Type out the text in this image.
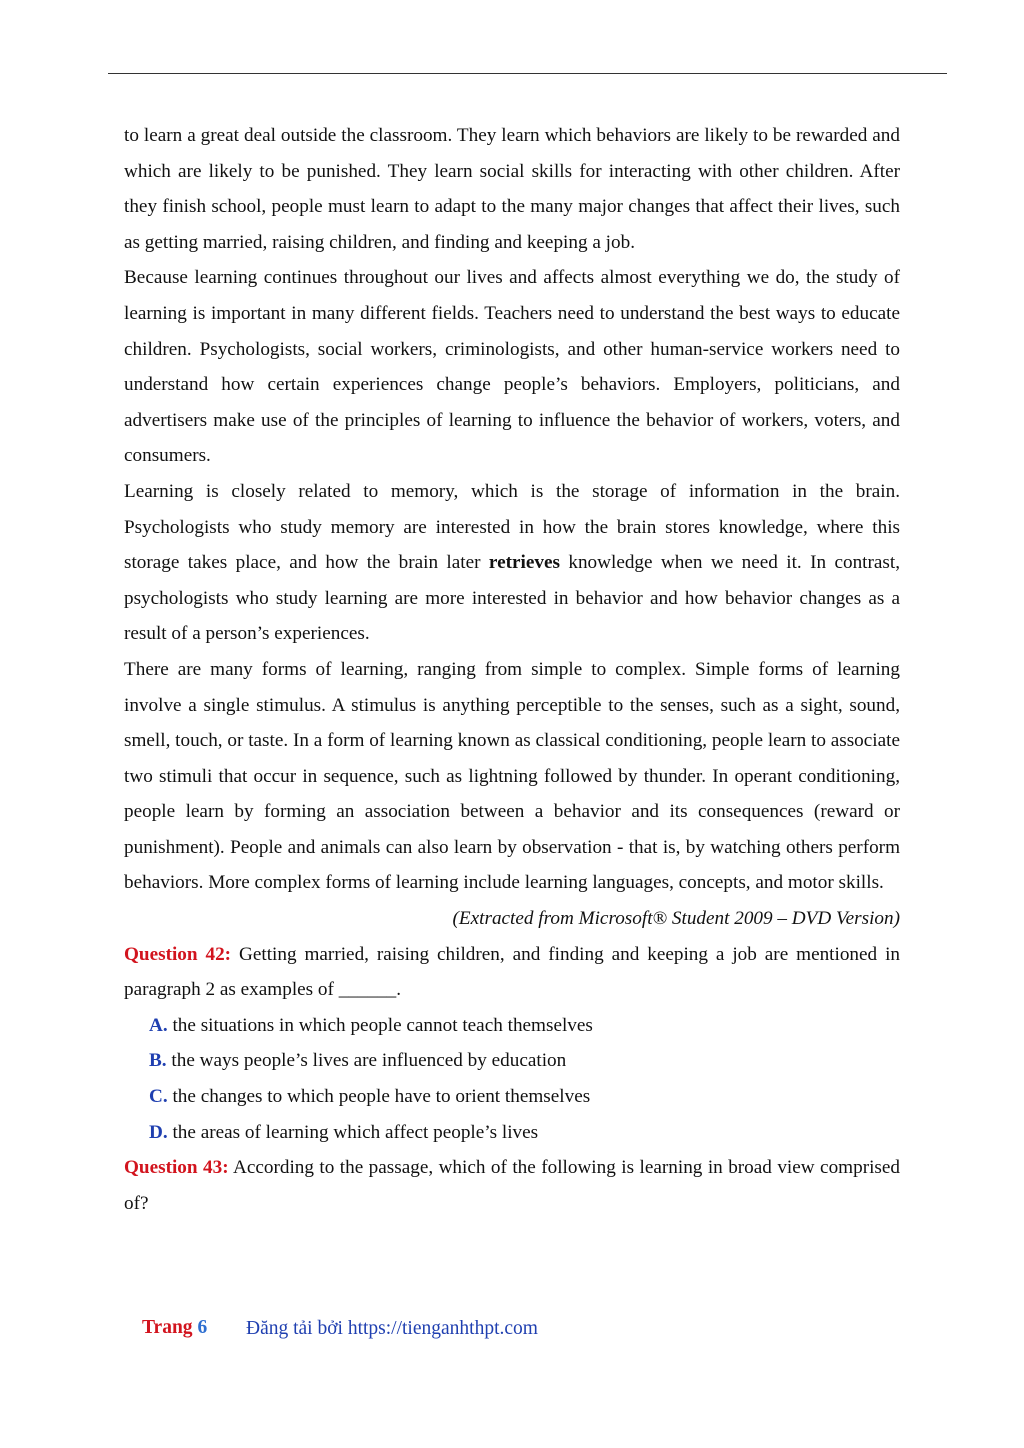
to learn a great deal outside the classroom. They learn which behaviors are likely to be rewarded and which are likely to be punished. They learn social skills for interacting with other children. After they finish school, people must learn to adapt to the many major changes that affect their lives, such as getting married, raising children, and finding and keeping a job.

Because learning continues throughout our lives and affects almost everything we do, the study of learning is important in many different fields. Teachers need to understand the best ways to educate children. Psychologists, social workers, criminologists, and other human-service workers need to understand how certain experiences change people’s behaviors. Employers, politicians, and advertisers make use of the principles of learning to influence the behavior of workers, voters, and consumers.

Learning is closely related to memory, which is the storage of information in the brain. Psychologists who study memory are interested in how the brain stores knowledge, where this storage takes place, and how the brain later retrieves knowledge when we need it. In contrast, psychologists who study learning are more interested in behavior and how behavior changes as a result of a person’s experiences.

There are many forms of learning, ranging from simple to complex. Simple forms of learning involve a single stimulus. A stimulus is anything perceptible to the senses, such as a sight, sound, smell, touch, or taste. In a form of learning known as classical conditioning, people learn to associate two stimuli that occur in sequence, such as lightning followed by thunder. In operant conditioning, people learn by forming an association between a behavior and its consequences (reward or punishment). People and animals can also learn by observation - that is, by watching others perform behaviors. More complex forms of learning include learning languages, concepts, and motor skills.

(Extracted from Microsoft® Student 2009 – DVD Version)

Question 42: Getting married, raising children, and finding and keeping a job are mentioned in paragraph 2 as examples of ______.

A. the situations in which people cannot teach themselves

B. the ways people’s lives are influenced by education

C. the changes to which people have to orient themselves

D. the areas of learning which affect people’s lives

Question 43: According to the passage, which of the following is learning in broad view comprised of?

Trang 6 Đăng tải bởi https://tienganhthpt.com
